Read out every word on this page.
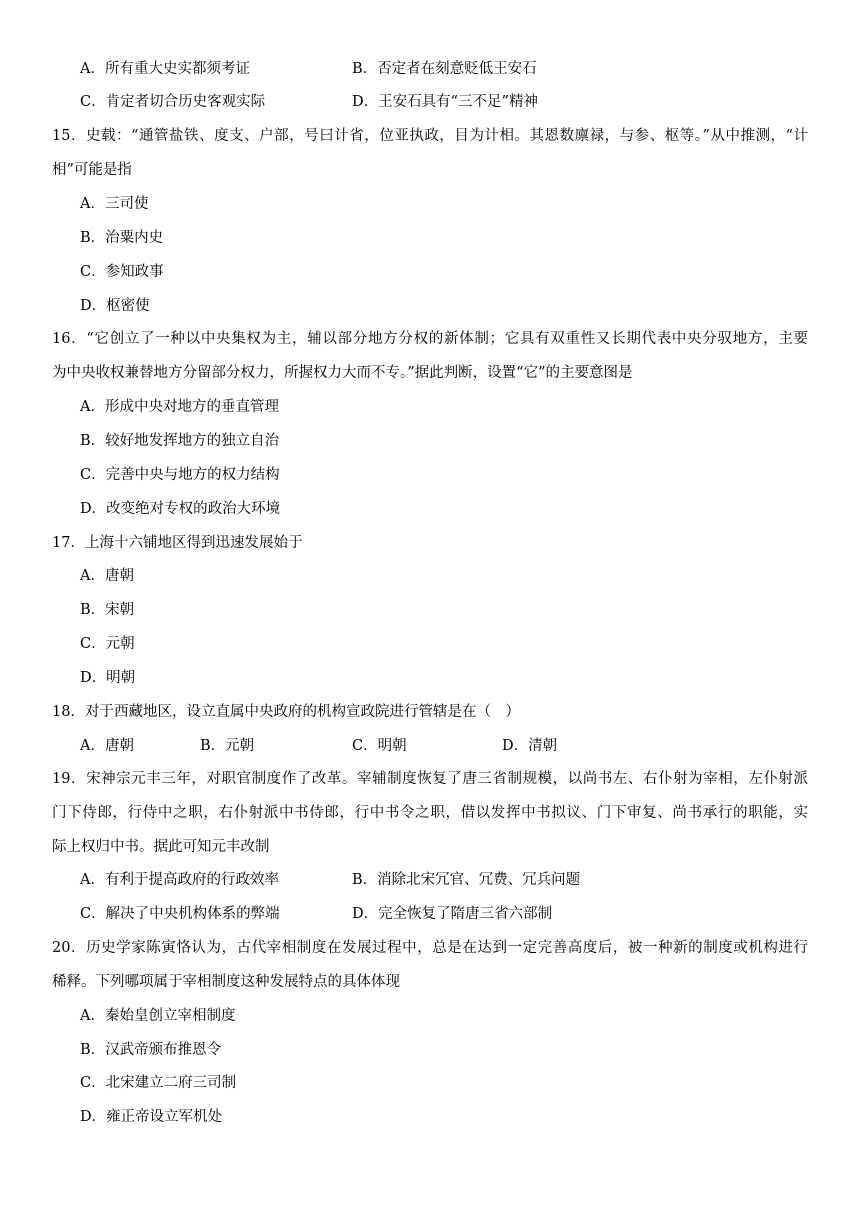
A．所有重大史实都须考证	B．否定者在刻意贬低王安石
C．肯定者切合历史客观实际	D．王安石具有“三不足”精神
15．史载：“通管盐铁、度支、户部，号曰计省，位亚执政，目为计相。其恩数廪禄，与参、枢等。”从中推测，“计
相”可能是指
A．三司使
B．治粟内史
C．参知政事
D．枢密使
16．“它创立了一种以中央集权为主，辅以部分地方分权的新体制；它具有双重性又长期代表中央分驭地方，主要
为中央收权兼替地方分留部分权力，所握权力大而不专。”据此判断，设置“它”的主要意图是
A．形成中央对地方的垂直管理
B．较好地发挥地方的独立自治
C．完善中央与地方的权力结构
D．改变绝对专权的政治大环境
17．上海十六铺地区得到迅速发展始于
A．唐朝
B．宋朝
C．元朝
D．明朝
18．对于西藏地区，设立直属中央政府的机构宣政院进行管辖是在（　）
A．唐朝	B．元朝	C．明朝	D．清朝
19．宋神宗元丰三年，对职官制度作了改革。宰辅制度恢复了唐三省制规模，以尚书左、右仆射为宰相，左仆射派
门下侍郎，行侍中之职，右仆射派中书侍郎，行中书令之职，借以发挥中书拟议、门下审复、尚书承行的职能，实
际上权归中书。据此可知元丰改制
A．有利于提高政府的行政效率	B．消除北宋冗官、冗费、冗兵问题
C．解决了中央机构体系的弊端	D．完全恢复了隋唐三省六部制
20．历史学家陈寅恪认为，古代宰相制度在发展过程中，总是在达到一定完善高度后，被一种新的制度或机构进行
稀释。下列哪项属于宰相制度这种发展特点的具体体现
A．秦始皇创立宰相制度
B．汉武帝颁布推恩令
C．北宋建立二府三司制
D．雍正帝设立军机处
